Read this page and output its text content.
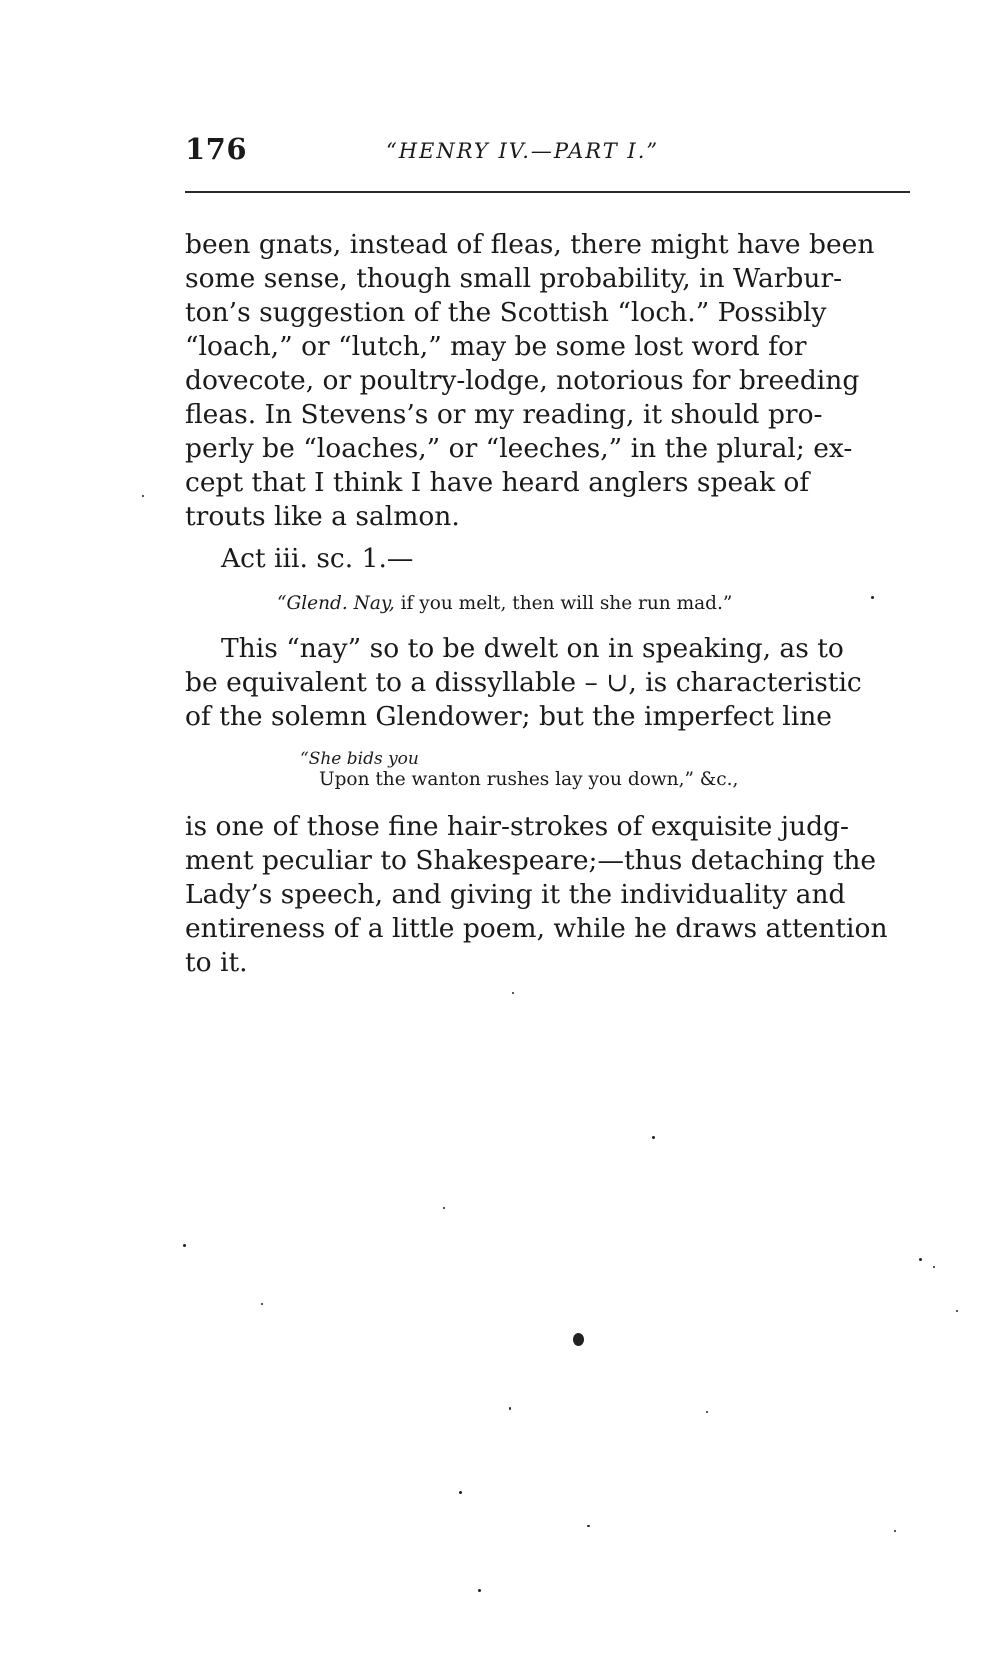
176	“HENRY IV.—PART I.”
been gnats, instead of fleas, there might have been
some sense, though small probability, in Warbur-
ton’s suggestion of the Scottish “loch.” Possibly
“loach,” or “lutch,” may be some lost word for
dovecote, or poultry-lodge, notorious for breeding
fleas. In Stevens’s or my reading, it should pro-
perly be “loaches,” or “leeches,” in the plural; ex-
cept that I think I have heard anglers speak of
trouts like a salmon.
Act iii. sc. 1.—
“Glend. Nay, if you melt, then will she run mad.”
This “nay” so to be dwelt on in speaking, as to
be equivalent to a dissyllable – ∪, is characteristic
of the solemn Glendower; but the imperfect line
“She bids you
Upon the wanton rushes lay you down,” &c.,
is one of those fine hair-strokes of exquisite judg-
ment peculiar to Shakespeare;—thus detaching the
Lady’s speech, and giving it the individuality and
entireness of a little poem, while he draws attention
to it.
